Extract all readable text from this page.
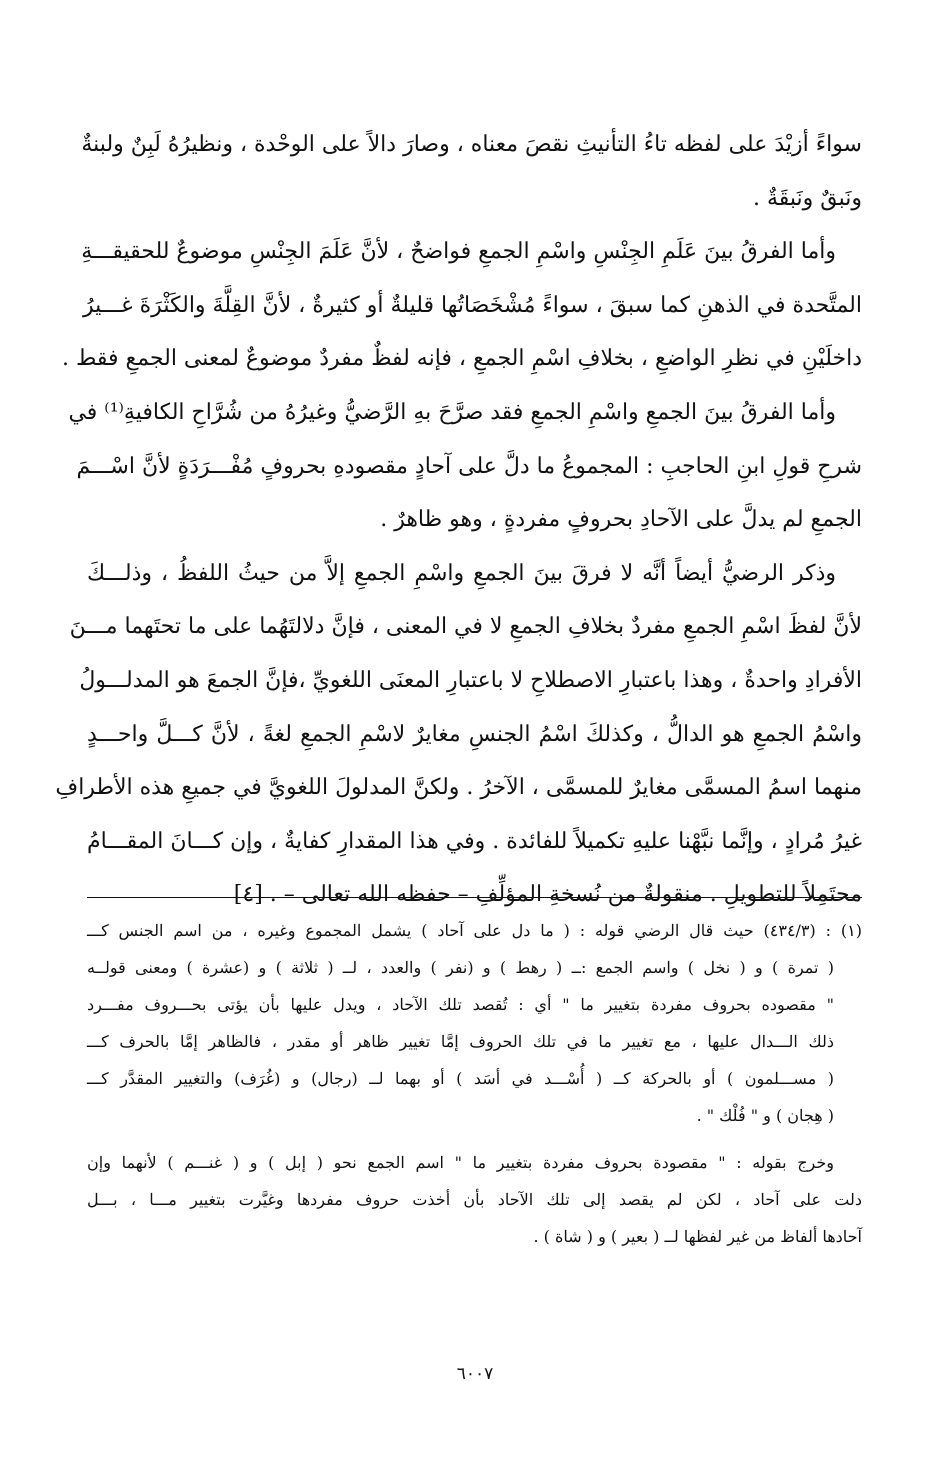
سواءً أزيْدَ على لفظه تاءُ التأنيثِ نقصَ معناه ، وصارَ دالاً على الوحْدة ، ونظيرُهُ لَبِنٌ ولبنةٌ
ونَبقٌ ونَبقَةٌ .
وأما الفرقُ بينَ عَلَمِ الجِنْسِ واسْمِ الجمعِ فواضحٌ ، لأنَّ عَلَمَ الجِنْسِ موضوعٌ للحقيقـــةِ
المتَّحدة في الذهنِ كما سبقَ ، سواءً مُشْخَصَاتُها قليلةٌ أو كثيرةٌ ، لأنَّ القِلَّةَ والكَثْرَةَ غـــيرُ
داخلَيْنِ في نظرِ الواضعِ ، بخلافِ اسْمِ الجمعِ ، فإنه لفظٌ مفردٌ موضوعٌ لمعنى الجمعِ فقط .
وأما الفرقُ بينَ الجمعِ واسْمِ الجمعِ فقد صرَّحَ بهِ الرَّضيُّ وغيرُهُ من شُرَّاحِ الكافيةِ⁽¹⁾ في
شرحِ قولِ ابنِ الحاجبِ : المجموعُ ما دلَّ على آحادٍ مقصودهِ بحروفٍ مُفْـــرَدَةٍ لأنَّ اسْـــمَ
الجمعِ لم يدلَّ على الآحادِ بحروفٍ مفردةٍ ، وهو ظاهرٌ .
وذكر الرضيُّ أيضاً أنَّه لا فرقَ بينَ الجمعِ واسْمِ الجمعِ إلاَّ من حيثُ اللفظُ ، وذلـــكَ
لأنَّ لفظَ اسْمِ الجمعِ مفردٌ بخلافِ الجمعِ لا في المعنى ، فإنَّ دلالتَهُما على ما تحتَهما مـــنَ
الأفرادِ واحدةٌ ، وهذا باعتبارِ الاصطلاحِ لا باعتبارِ المعنَى اللغويِّ ،فإنَّ الجمعَ هو المدلـــولُ
واسْمُ الجمعِ هو الدالُّ ، وكذلكَ اسْمُ الجنسِ مغايرٌ لاسْمِ الجمعِ لغةً ، لأنَّ كـــلَّ واحـــدٍ
منهما اسمُ المسمَّى مغايرٌ للمسمَّى ، الآخرُ . ولكنَّ المدلولَ اللغويَّ في جميعِ هذه الأطرافِ
غيرُ مُرادٍ ، وإنَّما نبَّهْنا عليهِ تكميلاً للفائدة . وفي هذا المقدارِ كفايةٌ ، وإن كـــانَ المقـــامُ
محتَمِلاً للتطويلِ . منقولةٌ من نُسخةِ المؤلِّفِ – حفظه الله تعالى – . [٤]
(١) : (٤٣٤/٣) حيث قال الرضي قوله : ( ما دل على آحاد ) يشمل المجموع وغيره ، من اسم الجنس كـــ
( تمرة ) و ( نخل ) واسم الجمع :ــ ( رهط ) و (نفر ) والعدد ، لــ ( ثلاثة ) و (عشرة ) ومعنى قولــه
" مقصوده بحروف مفردة بتغيير ما " أي : تُقصد تلك الآحاد ، ويدل عليها بأن يؤتى بحـــروف مفـــرد
ذلك الـــدال عليها ، مع تغيير ما في تلك الحروف إمَّا تغيير ظاهر أو مقدر ، فالظاهر إمَّا بالحرف كـــ
( مســـلمون ) أو بالحركة كــ ( أُسْـــد في أسَد ) أو بهما لــ (رجال) و (غُرَف) والتغيير المقدَّر كـــ
( هِجان ) و " فُلْك " .
وخرج بقوله : " مقصودة بحروف مفردة بتغيير ما " اسم الجمع نحو ( إبل ) و ( غنـــم ) لأنهما وإن
دلت على آحاد ، لكن لم يقصد إلى تلك الآحاد بأن أخذت حروف مفردها وغيَّرت بتغيير مـــا ، بـــل
آحادها ألفاظ من غير لفظها لــ ( بعير ) و ( شاة ) .
٦٠٠٧
